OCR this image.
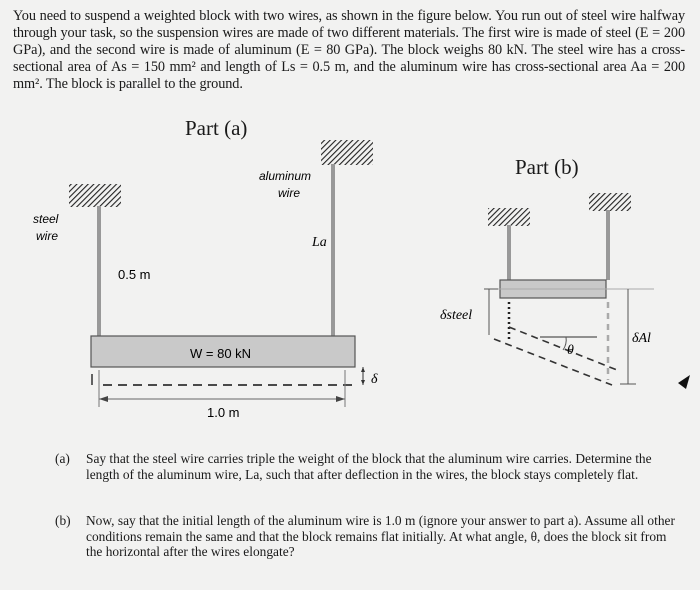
You need to suspend a weighted block with two wires, as shown in the figure below. You run out of steel wire halfway through your task, so the suspension wires are made of two different materials. The first wire is made of steel (E = 200 GPa), and the second wire is made of aluminum (E = 80 GPa). The block weighs 80 kN. The steel wire has a cross-sectional area of As = 150 mm² and length of Ls = 0.5 m, and the aluminum wire has cross-sectional area Aa = 200 mm². The block is parallel to the ground.
Part (a)
Part (b)
steel
wire
aluminum
wire
0.5 m
La
W = 80 kN
1.0 m
δ
δsteel
δAl
θ
(a) Say that the steel wire carries triple the weight of the block that the aluminum wire carries. Determine the length of the aluminum wire, La, such that after deflection in the wires, the block stays completely flat.
(b) Now, say that the initial length of the aluminum wire is 1.0 m (ignore your answer to part a). Assume all other conditions remain the same and that the block remains flat initially. At what angle, θ, does the block sit from the horizontal after the wires elongate?
